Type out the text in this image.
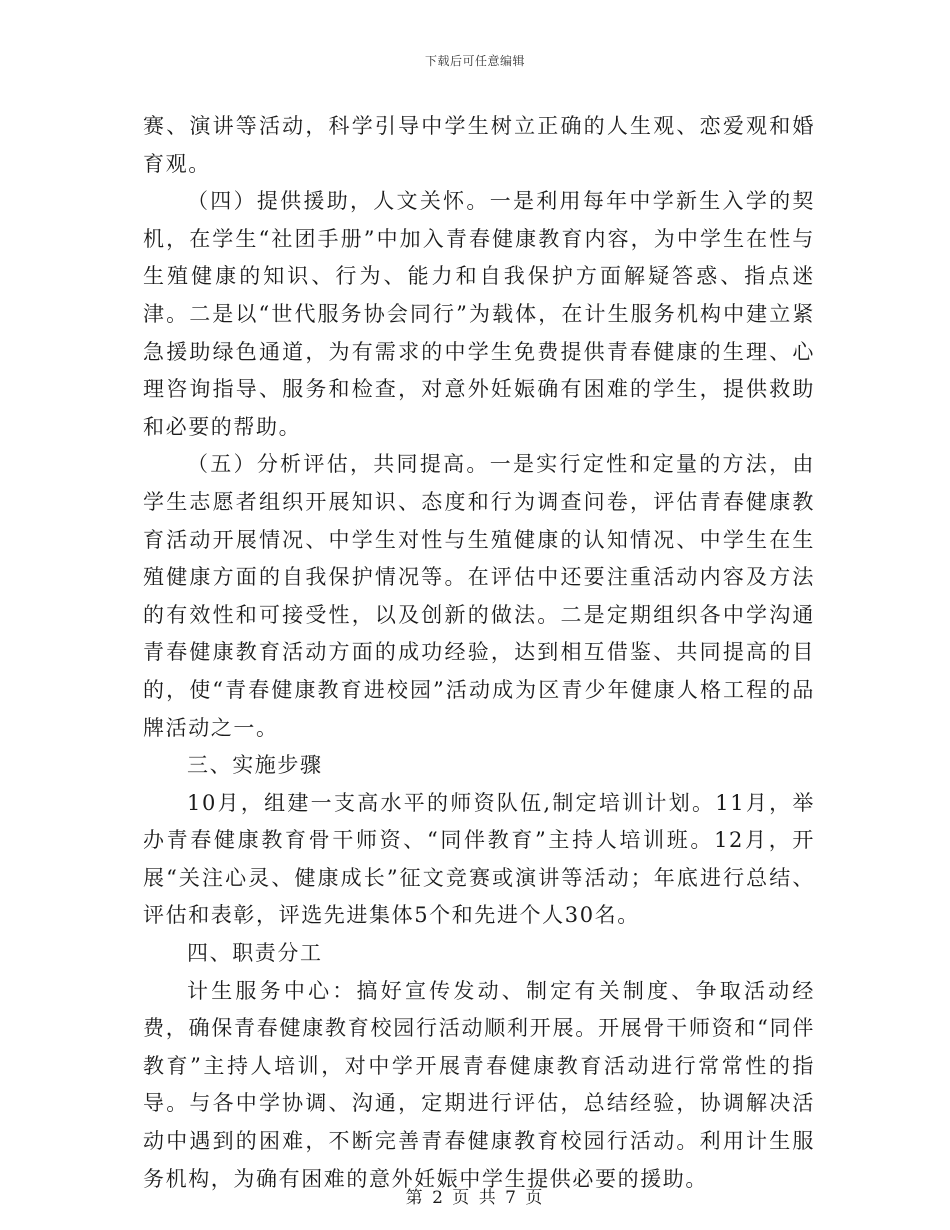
下载后可任意编辑

赛、演讲等活动，科学引导中学生树立正确的人生观、恋爱观和婚育观。

（四）提供援助，人文关怀。一是利用每年中学新生入学的契机，在学生“社团手册”中加入青春健康教育内容，为中学生在性与生殖健康的知识、行为、能力和自我保护方面解疑答惑、指点迷津。二是以“世代服务协会同行”为载体，在计生服务机构中建立紧急援助绿色通道，为有需求的中学生免费提供青春健康的生理、心理咨询指导、服务和检查，对意外妊娠确有困难的学生，提供救助和必要的帮助。

（五）分析评估，共同提高。一是实行定性和定量的方法，由学生志愿者组织开展知识、态度和行为调查问卷，评估青春健康教育活动开展情况、中学生对性与生殖健康的认知情况、中学生在生殖健康方面的自我保护情况等。在评估中还要注重活动内容及方法的有效性和可接受性，以及创新的做法。二是定期组织各中学沟通青春健康教育活动方面的成功经验，达到相互借鉴、共同提高的目的，使“青春健康教育进校园”活动成为区青少年健康人格工程的品牌活动之一。

三、实施步骤

10月，组建一支高水平的师资队伍,制定培训计划。11月，举办青春健康教育骨干师资、“同伴教育”主持人培训班。12月，开展“关注心灵、健康成长”征文竞赛或演讲等活动；年底进行总结、评估和表彰，评选先进集体5个和先进个人30名。

四、职责分工

计生服务中心：搞好宣传发动、制定有关制度、争取活动经费，确保青春健康教育校园行活动顺利开展。开展骨干师资和“同伴教育”主持人培训，对中学开展青春健康教育活动进行常常性的指导。与各中学协调、沟通，定期进行评估，总结经验，协调解决活动中遇到的困难，不断完善青春健康教育校园行活动。利用计生服务机构，为确有困难的意外妊娠中学生提供必要的援助。

第 2 页 共 7 页
